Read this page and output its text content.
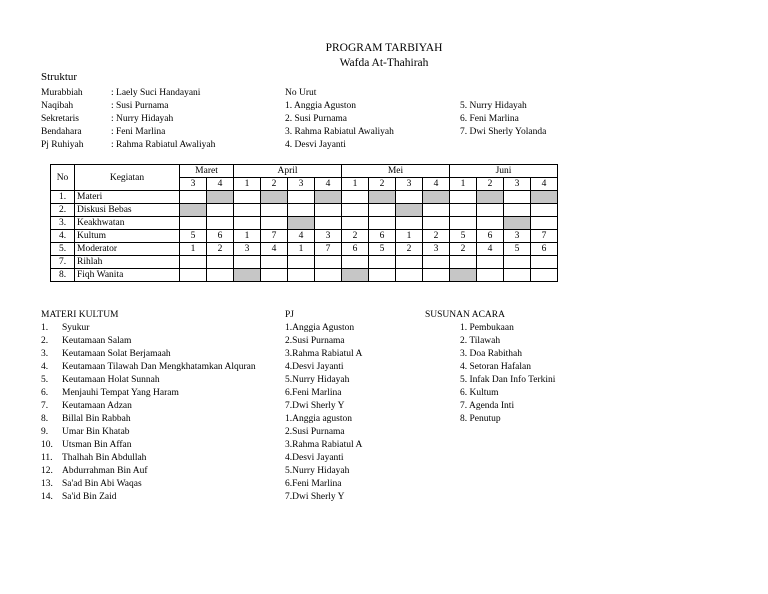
PROGRAM TARBIYAH
Wafda At-Thahirah
Struktur
Murabbiah	: Laely Suci Handayani
Naqibah	: Susi Purnama
Sekretaris	: Nurry Hidayah
Bendahara	: Feni Marlina
Pj Ruhiyah	: Rahma Rabiatul Awaliyah
No Urut
1. Anggia Aguston
2. Susi Purnama
3. Rahma Rabiatul Awaliyah
4. Desvi Jayanti
5. Nurry Hidayah
6. Feni Marlina
7. Dwi Sherly Yolanda
No	Kegiatan	Maret		April				Mei				Juni			
		3	4	1	2	3	4	1	2	3	4	1	2	3	4
1.	Materi														
2.	Diskusi Bebas														
3.	Keakhwatan														
4.	Kultum	5	6	1	7	4	3	2	6	1	2	5	6	3	7
5.	Moderator	1	2	3	4	1	7	6	5	2	3	2	4	5	6
7.	Rihlah														
8.	Fiqh Wanita														
MATERI KULTUM
1. Syukur
2. Keutamaan Salam
3. Keutamaan Solat Berjamaah
4. Keutamaan Tilawah Dan Mengkhatamkan Alquran
5. Keutamaan Holat Sunnah
6. Menjauhi Tempat Yang Haram
7. Keutamaan Adzan
8. Billal Bin Rabbah
9. Umar Bin Khatab
10. Utsman Bin Affan
11. Thalhah Bin Abdullah
12. Abdurrahman Bin Auf
13. Sa'ad Bin Abi Waqas
14. Sa'id Bin Zaid
PJ
1.Anggia Aguston
2.Susi Purnama
3.Rahma Rabiatul A
4.Desvi Jayanti
5.Nurry Hidayah
6.Feni Marlina
7.Dwi Sherly Y
1.Anggia aguston
2.Susi Purnama
3.Rahma Rabiatul A
4.Desvi Jayanti
5.Nurry Hidayah
6.Feni Marlina
7.Dwi Sherly Y
SUSUNAN ACARA
1. Pembukaan
2. Tilawah
3. Doa Rabithah
4. Setoran Hafalan
5. Infak Dan Info Terkini
6. Kultum
7. Agenda Inti
8. Penutup
